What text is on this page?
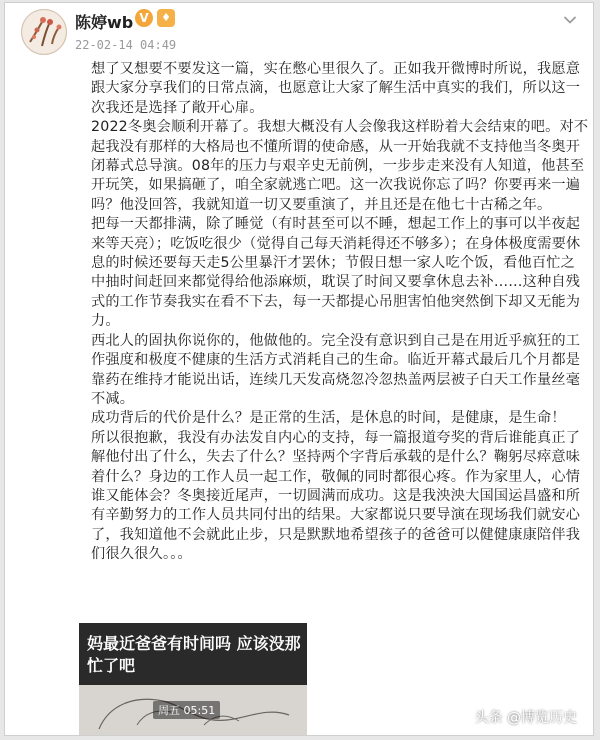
陈婷wb V	♦
22-02-14 04:49

想了又想要不要发这一篇，实在憋心里很久了。正如我开微博时所说，我愿意跟大家分享我们的日常点滴，也愿意让大家了解生活中真实的我们，所以这一次我还是选择了敞开心扉。

2022冬奥会顺利开幕了。我想大概没有人会像我这样盼着大会结束的吧。对不起我没有那样的大格局也不懂所谓的使命感，从一开始我就不支持他当冬奥开闭幕式总导演。08年的压力与艰辛史无前例，一步步走来没有人知道，他甚至开玩笑，如果搞砸了，咱全家就逃亡吧。这一次我说你忘了吗？你要再来一遍吗？他没回答，我就知道一切又要重演了，并且还是在他七十古稀之年。

把每一天都排满，除了睡觉（有时甚至可以不睡，想起工作上的事可以半夜起来等天亮）；吃饭吃很少（觉得自己每天消耗得还不够多）；在身体极度需要休息的时候还要每天走5公里暴汗才罢休；节假日想一家人吃个饭，看他百忙之中抽时间赶回来都觉得给他添麻烦，耽误了时间又要拿休息去补……这种自残式的工作节奏我实在看不下去，每一天都提心吊胆害怕他突然倒下却又无能为力。

西北人的固执你说你的，他做他的。完全没有意识到自己是在用近乎疯狂的工作强度和极度不健康的生活方式消耗自己的生命。临近开幕式最后几个月都是靠药在维持才能说出话，连续几天发高烧忽冷忽热盖两层被子白天工作量丝毫不减。

成功背后的代价是什么？是正常的生活，是休息的时间，是健康，是生命！

所以很抱歉，我没有办法发自内心的支持，每一篇报道夸奖的背后谁能真正了解他付出了什么，失去了什么？坚持两个字背后承载的是什么？鞠躬尽瘁意味着什么？身边的工作人员一起工作，敬佩的同时都很心疼。作为家里人，心情谁又能体会？冬奥接近尾声，一切圆满而成功。这是我泱泱大国国运昌盛和所有辛勤努力的工作人员共同付出的结果。大家都说只要导演在现场我们就安心了，我知道他不会就此止步，只是默默地希望孩子的爸爸可以健健康康陪伴我们很久很久。。。

妈最近爸爸有时间吗 应该没那忙了吧
周五 05:51	头条 @博览历史
